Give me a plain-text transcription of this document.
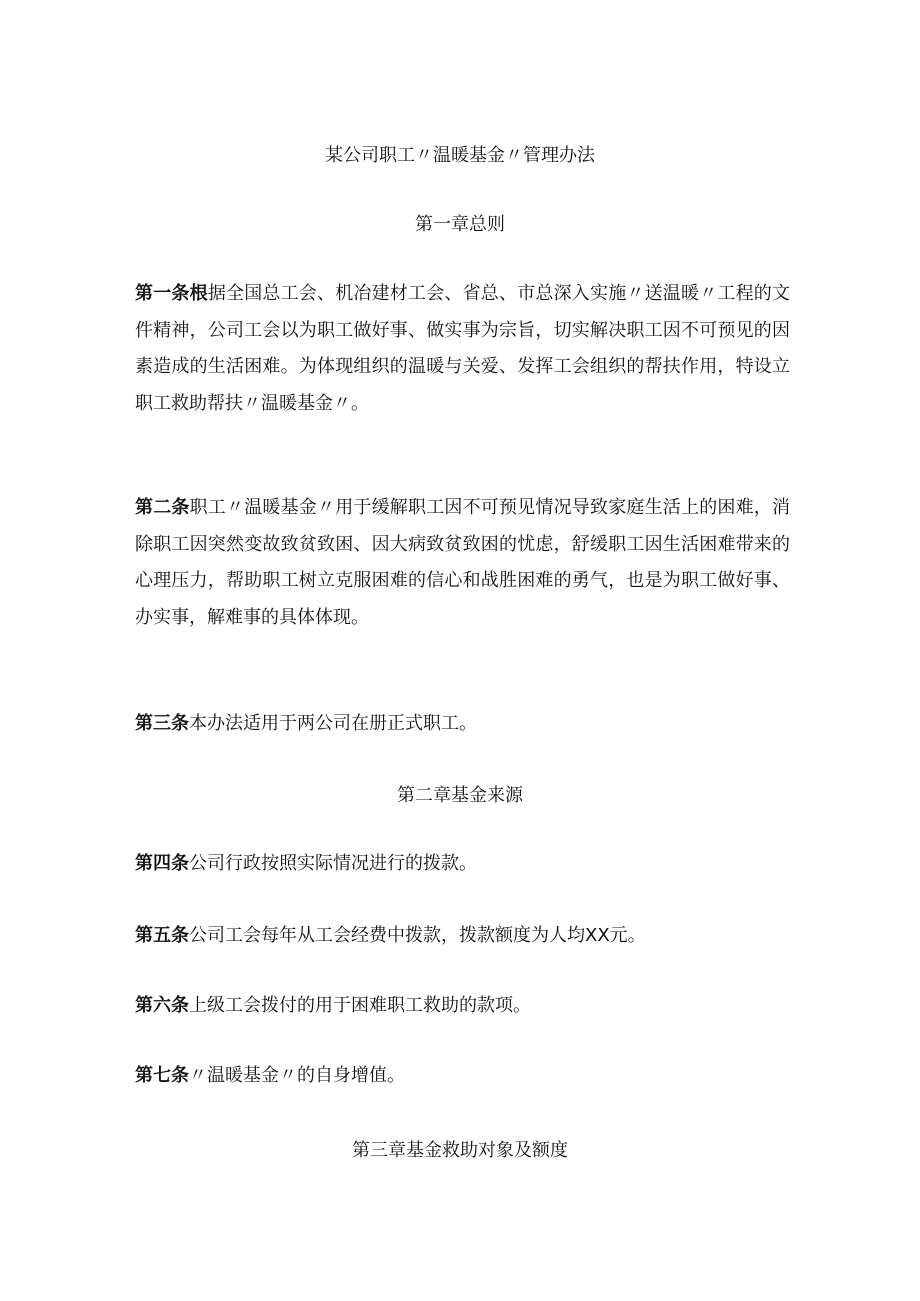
某公司职工〃温暖基金〃管理办法
第一章总则
第一条根据全国总工会、机冶建材工会、省总、市总深入实施〃送温暖〃工程的文件精神，公司工会以为职工做好事、做实事为宗旨，切实解决职工因不可预见的因素造成的生活困难。为体现组织的温暖与关爱、发挥工会组织的帮扶作用，特设立职工救助帮扶〃温暖基金〃。
第二条职工〃温暖基金〃用于缓解职工因不可预见情况导致家庭生活上的困难，消除职工因突然变故致贫致困、因大病致贫致困的忧虑，舒缓职工因生活困难带来的心理压力，帮助职工树立克服困难的信心和战胜困难的勇气，也是为职工做好事、办实事，解难事的具体体现。
第三条本办法适用于两公司在册正式职工。
第二章基金来源
第四条公司行政按照实际情况进行的拨款。
第五条公司工会每年从工会经费中拨款，拨款额度为人均XX元。
第六条上级工会拨付的用于困难职工救助的款项。
第七条〃温暖基金〃的自身增值。
第三章基金救助对象及额度
